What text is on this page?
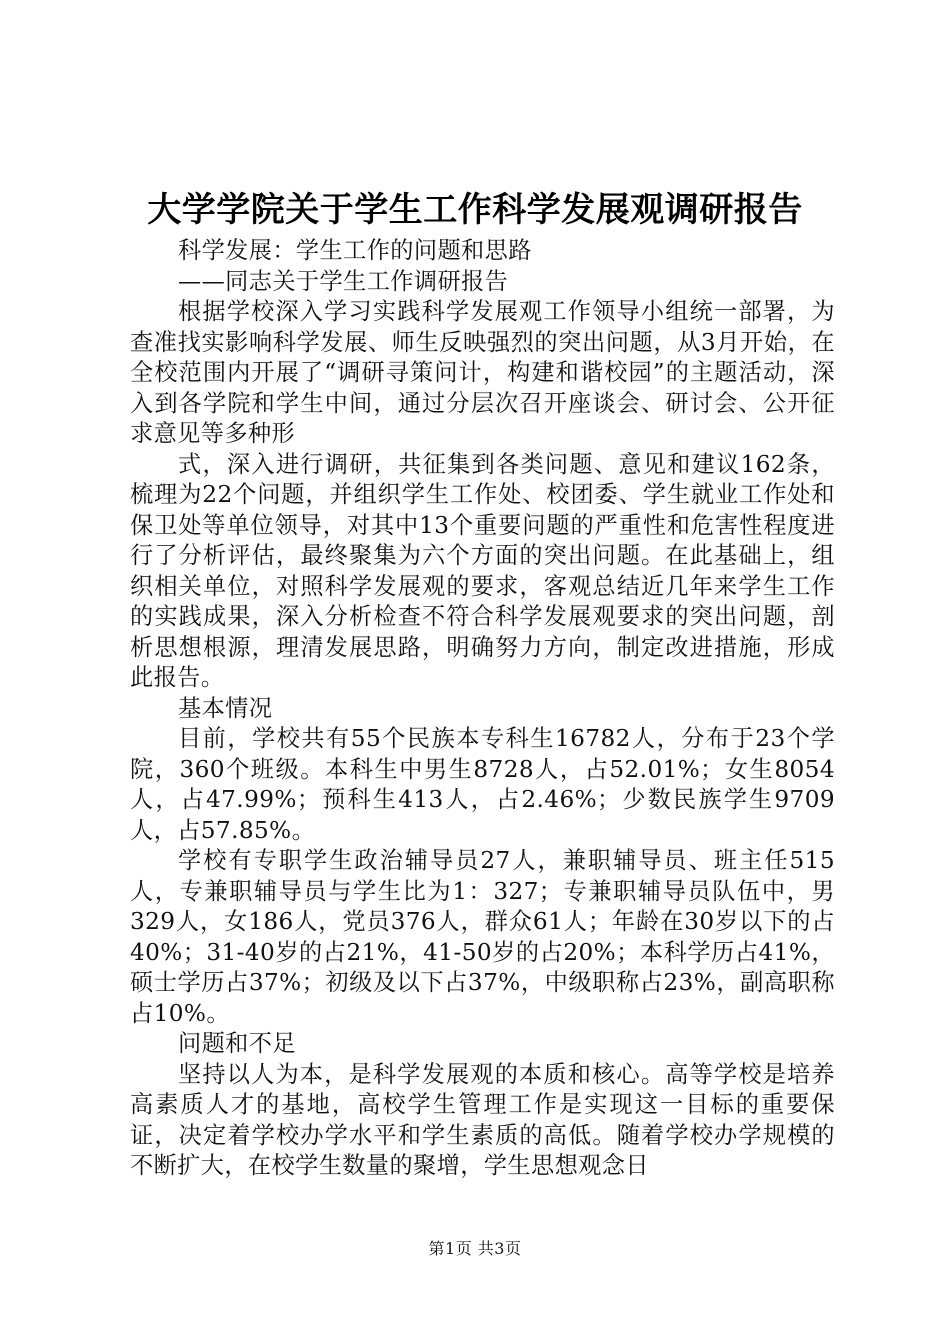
大学学院关于学生工作科学发展观调研报告

科学发展：学生工作的问题和思路

——同志关于学生工作调研报告

根据学校深入学习实践科学发展观工作领导小组统一部署，为查准找实影响科学发展、师生反映强烈的突出问题，从3月开始，在全校范围内开展了“调研寻策问计，构建和谐校园”的主题活动，深入到各学院和学生中间，通过分层次召开座谈会、研讨会、公开征求意见等多种形

式，深入进行调研，共征集到各类问题、意见和建议162条，梳理为22个问题，并组织学生工作处、校团委、学生就业工作处和保卫处等单位领导，对其中13个重要问题的严重性和危害性程度进行了分析评估，最终聚集为六个方面的突出问题。在此基础上，组织相关单位，对照科学发展观的要求，客观总结近几年来学生工作的实践成果，深入分析检查不符合科学发展观要求的突出问题，剖析思想根源，理清发展思路，明确努力方向，制定改进措施，形成此报告。

基本情况

目前，学校共有55个民族本专科生16782人，分布于23个学院，360个班级。本科生中男生8728人，占52.01%；女生8054人，占47.99%；预科生413人，占2.46%；少数民族学生9709人，占57.85%。

学校有专职学生政治辅导员27人，兼职辅导员、班主任515人，专兼职辅导员与学生比为1：327；专兼职辅导员队伍中，男329人，女186人，党员376人，群众61人；年龄在30岁以下的占40%；31-40岁的占21%，41-50岁的占20%；本科学历占41%，硕士学历占37%；初级及以下占37%，中级职称占23%，副高职称占10%。

问题和不足

坚持以人为本，是科学发展观的本质和核心。高等学校是培养高素质人才的基地，高校学生管理工作是实现这一目标的重要保证，决定着学校办学水平和学生素质的高低。随着学校办学规模的不断扩大，在校学生数量的聚增，学生思想观念日

第1页 共3页
